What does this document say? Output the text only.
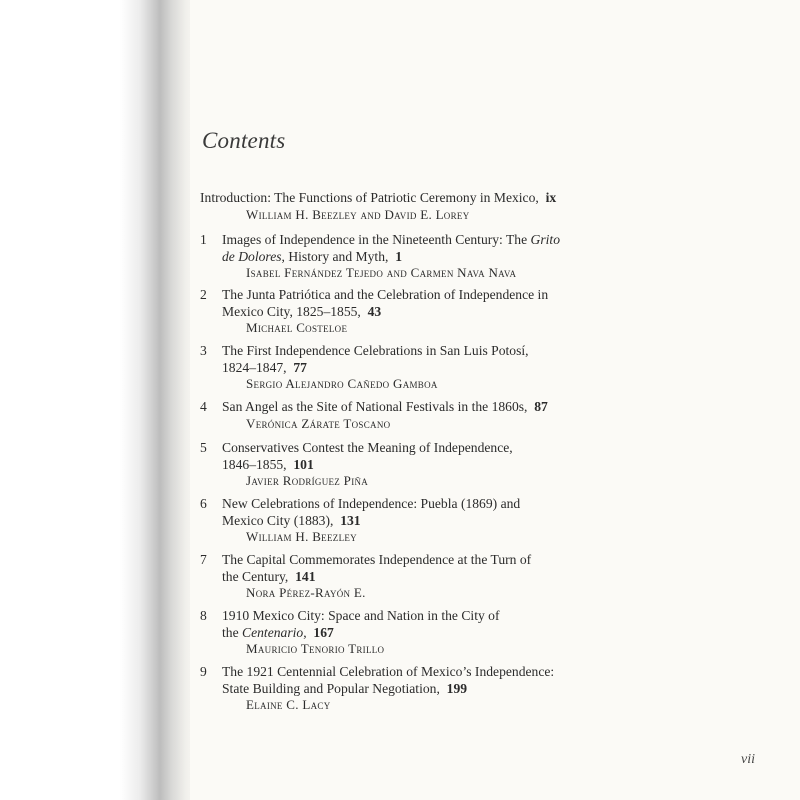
Contents
Introduction: The Functions of Patriotic Ceremony in Mexico, ix
William H. Beezley and David E. Lorey
1	Images of Independence in the Nineteenth Century: The Grito
de Dolores, History and Myth, 1
Isabel Fernández Tejedo and Carmen Nava Nava
2	The Junta Patriótica and the Celebration of Independence in
Mexico City, 1825–1855, 43
Michael Costeloe
3	The First Independence Celebrations in San Luis Potosí,
1824–1847, 77
Sergio Alejandro Cañedo Gamboa
4	San Angel as the Site of National Festivals in the 1860s, 87
Verónica Zárate Toscano
5	Conservatives Contest the Meaning of Independence,
1846–1855, 101
Javier Rodríguez Piña
6	New Celebrations of Independence: Puebla (1869) and
Mexico City (1883), 131
William H. Beezley
7	The Capital Commemorates Independence at the Turn of
the Century, 141
Nora Pérez-Rayón E.
8	1910 Mexico City: Space and Nation in the City of
the Centenario, 167
Mauricio Tenorio Trillo
9	The 1921 Centennial Celebration of Mexico’s Independence:
State Building and Popular Negotiation, 199
Elaine C. Lacy
vii
